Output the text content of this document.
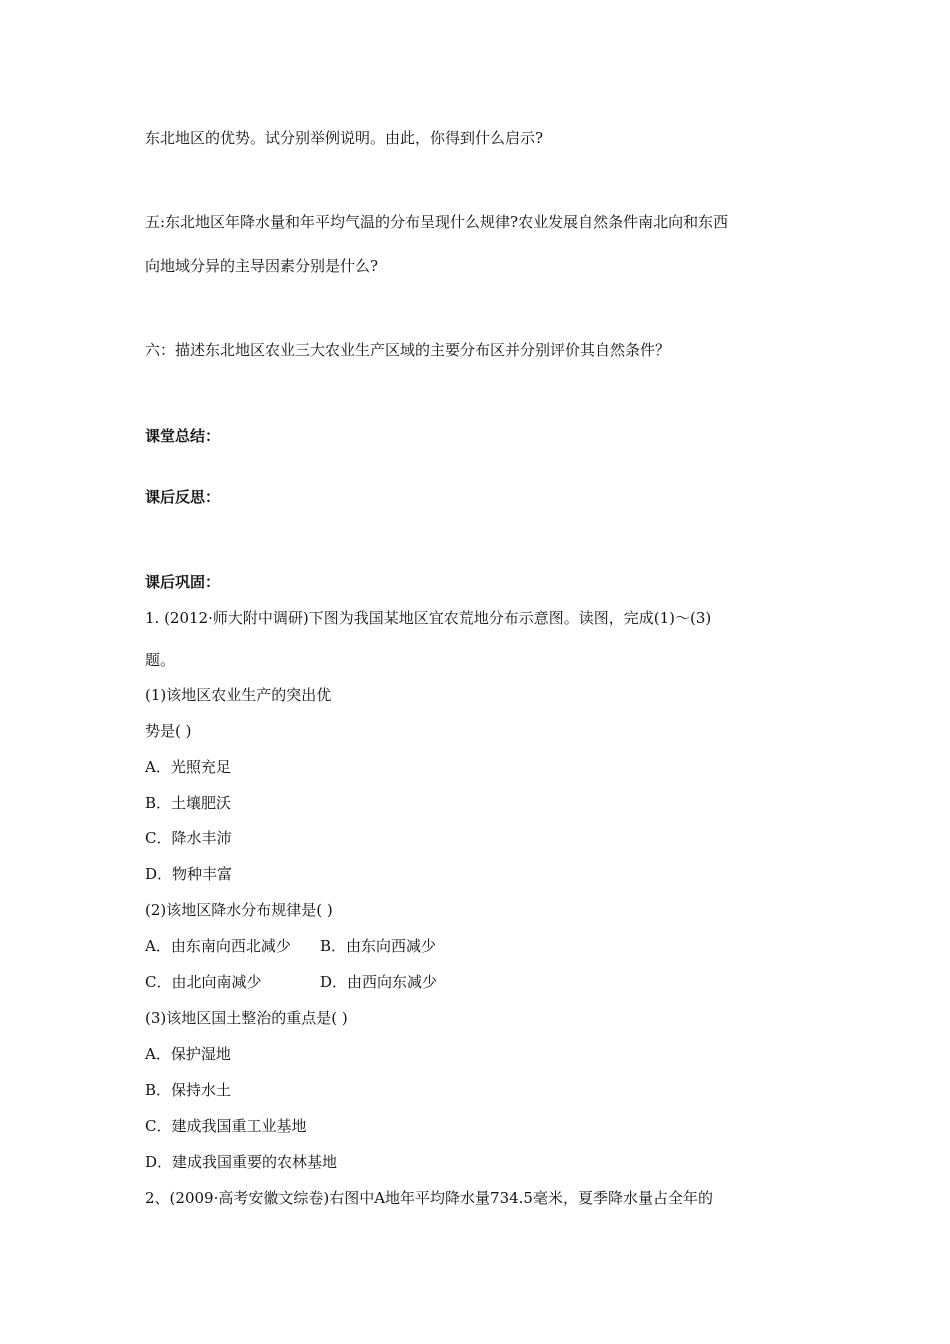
东北地区的优势。试分别举例说明。由此，你得到什么启示?
五:东北地区年降水量和年平均气温的分布呈现什么规律?农业发展自然条件南北向和东西
向地域分异的主导因素分别是什么?
六：描述东北地区农业三大农业生产区域的主要分布区并分别评价其自然条件？
课堂总结：
课后反思：
课后巩固：
1. (2012·师大附中调研)下图为我国某地区宜农荒地分布示意图。读图，完成(1)～(3)
题。
(1)该地区农业生产的突出优
势是( )
A．光照充足
B．土壤肥沃
C．降水丰沛
D．物种丰富
(2)该地区降水分布规律是( )
A．由东南向西北减少 B．由东向西减少
C．由北向南减少	D．由西向东减少
(3)该地区国土整治的重点是( )
A．保护湿地
B．保持水土
C．建成我国重工业基地
D．建成我国重要的农林基地
2、(2009·高考安徽文综卷)右图中A地年平均降水量734.5毫米，夏季降水量占全年的
